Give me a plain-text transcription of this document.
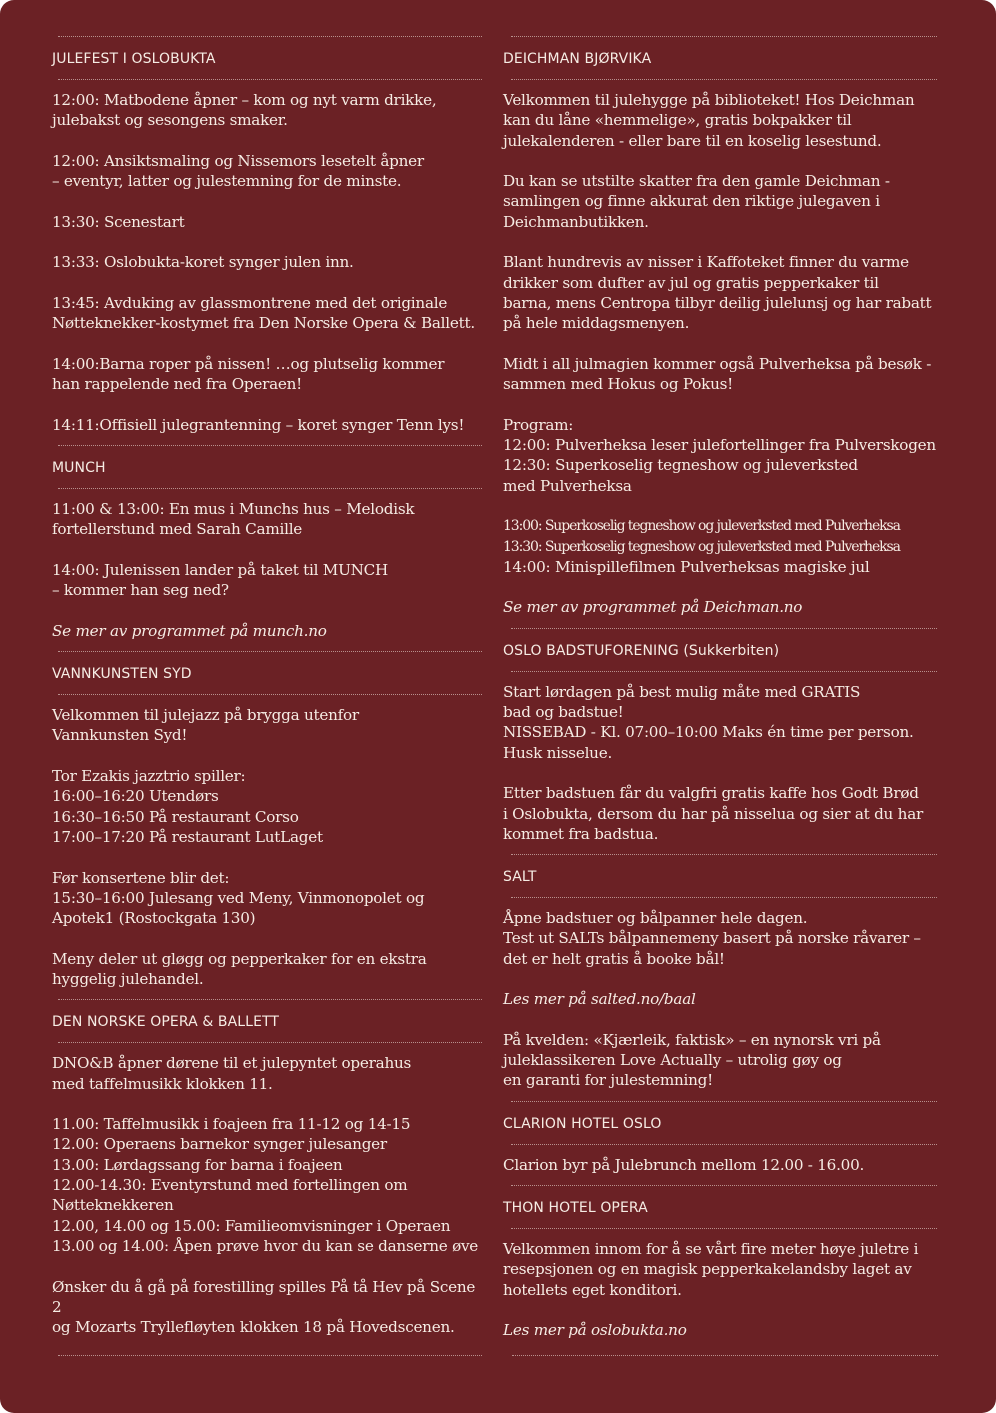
JULEFEST I OSLOBUKTA
12:00: Matbodene åpner – kom og nyt varm drikke,
julebakst og sesongens smaker.
12:00: Ansiktsmaling og Nissemors lesetelt åpner
– eventyr, latter og julestemning for de minste.
13:30: Scenestart
13:33: Oslobukta-koret synger julen inn.
13:45: Avduking av glassmontrene med det originale
Nøtteknekker-kostymet fra Den Norske Opera & Ballett.
14:00:Barna roper på nissen! …og plutselig kommer
han rappelende ned fra Operaen!
14:11:Offisiell julegrantenning – koret synger Tenn lys!
MUNCH
11:00 & 13:00: En mus i Munchs hus – Melodisk
fortellerstund med Sarah Camille
14:00: Julenissen lander på taket til MUNCH
– kommer han seg ned?
Se mer av programmet på munch.no
VANNKUNSTEN SYD
Velkommen til julejazz på brygga utenfor
Vannkunsten Syd!
Tor Ezakis jazztrio spiller:
16:00–16:20 Utendørs
16:30–16:50 På restaurant Corso
17:00–17:20 På restaurant LutLaget
Før konsertene blir det:
15:30–16:00 Julesang ved Meny, Vinmonopolet og
Apotek1 (Rostockgata 130)
Meny deler ut gløgg og pepperkaker for en ekstra
hyggelig julehandel.
DEN NORSKE OPERA & BALLETT
DNO&B åpner dørene til et julepyntet operahus
med taffelmusikk klokken 11.
11.00: Taffelmusikk i foajeen fra 11-12 og 14-15
12.00: Operaens barnekor synger julesanger
13.00: Lørdagssang for barna i foajeen
12.00-14.30: Eventyrstund med fortellingen om
Nøtteknekkeren
12.00, 14.00 og 15.00: Familieomvisninger i Operaen
13.00 og 14.00: Åpen prøve hvor du kan se danserne øve
Ønsker du å gå på forestilling spilles På tå Hev på Scene 2
og Mozarts Tryllefløyten klokken 18 på Hovedscenen.
DEICHMAN BJØRVIKA
Velkommen til julehygge på biblioteket! Hos Deichman
kan du låne «hemmelige», gratis bokpakker til
julekalenderen - eller bare til en koselig lesestund.
Du kan se utstilte skatter fra den gamle Deichman -
samlingen og finne akkurat den riktige julegaven i
Deichmanbutikken.
Blant hundrevis av nisser i Kaffoteket finner du varme
drikker som dufter av jul og gratis pepperkaker til
barna, mens Centropa tilbyr deilig julelunsj og har rabatt
på hele middagsmenyen.
Midt i all julmagien kommer også Pulverheksa på besøk -
sammen med Hokus og Pokus!
Program:
12:00: Pulverheksa leser julefortellinger fra Pulverskogen
12:30: Superkoselig tegneshow og juleverksted
med Pulverheksa
13:00: Superkoselig tegneshow og juleverksted med Pulverheksa
13:30: Superkoselig tegneshow og juleverksted med Pulverheksa
14:00: Minispillefilmen Pulverheksas magiske jul
Se mer av programmet på Deichman.no
OSLO BADSTUFORENING (Sukkerbiten)
Start lørdagen på best mulig måte med GRATIS
bad og badstue!
NISSEBAD - Kl. 07:00–10:00 Maks én time per person.
Husk nisselue.
Etter badstuen får du valgfri gratis kaffe hos Godt Brød
i Oslobukta, dersom du har på nisselua og sier at du har
kommet fra badstua.
SALT
Åpne badstuer og bålpanner hele dagen.
Test ut SALTs bålpannemeny basert på norske råvarer –
det er helt gratis å booke bål!
Les mer på salted.no/baal
På kvelden: «Kjærleik, faktisk» – en nynorsk vri på
juleklassikeren Love Actually – utrolig gøy og
en garanti for julestemning!
CLARION HOTEL OSLO
Clarion byr på Julebrunch mellom 12.00 - 16.00.
THON HOTEL OPERA
Velkommen innom for å se vårt fire meter høye juletre i
resepsjonen og en magisk pepperkakelandsby laget av
hotellets eget konditori.
Les mer på oslobukta.no
